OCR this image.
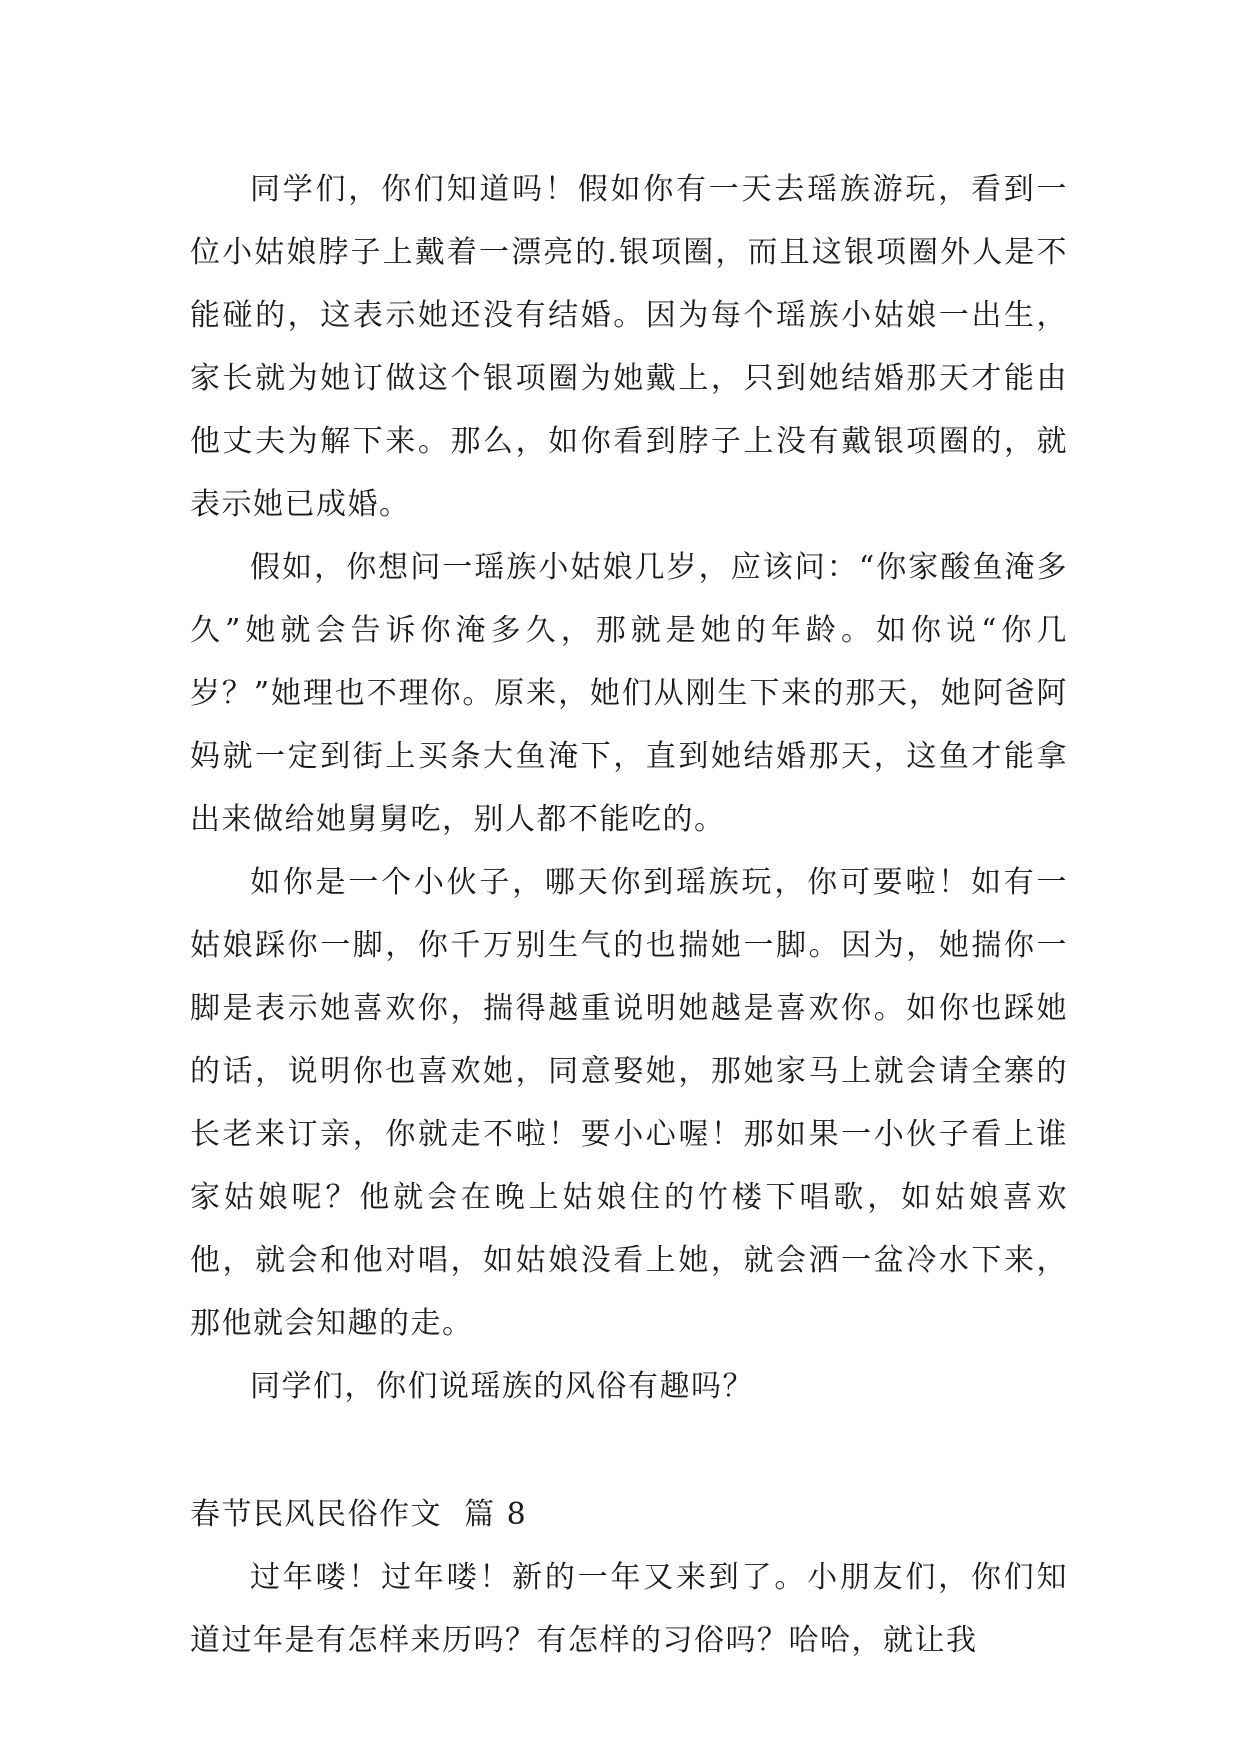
同学们，你们知道吗！假如你有一天去瑶族游玩，看到一位小姑娘脖子上戴着一漂亮的.银项圈，而且这银项圈外人是不能碰的，这表示她还没有结婚。因为每个瑶族小姑娘一出生，家长就为她订做这个银项圈为她戴上，只到她结婚那天才能由他丈夫为解下来。那么，如你看到脖子上没有戴银项圈的，就表示她已成婚。

假如，你想问一瑶族小姑娘几岁，应该问：“你家酸鱼淹多久”她就会告诉你淹多久，那就是她的年龄。如你说“你几岁？”她理也不理你。原来，她们从刚生下来的那天，她阿爸阿妈就一定到街上买条大鱼淹下，直到她结婚那天，这鱼才能拿出来做给她舅舅吃，别人都不能吃的。

如你是一个小伙子，哪天你到瑶族玩，你可要啦！如有一姑娘踩你一脚，你千万别生气的也揣她一脚。因为，她揣你一脚是表示她喜欢你，揣得越重说明她越是喜欢你。如你也踩她的话，说明你也喜欢她，同意娶她，那她家马上就会请全寨的长老来订亲，你就走不啦！要小心喔！那如果一小伙子看上谁家姑娘呢？他就会在晚上姑娘住的竹楼下唱歌，如姑娘喜欢他，就会和他对唱，如姑娘没看上她，就会洒一盆冷水下来，那他就会知趣的走。

同学们，你们说瑶族的风俗有趣吗？

春节民风民俗作文  篇 8

过年喽！过年喽！新的一年又来到了。小朋友们，你们知道过年是有怎样来历吗？有怎样的习俗吗？哈哈，就让我
